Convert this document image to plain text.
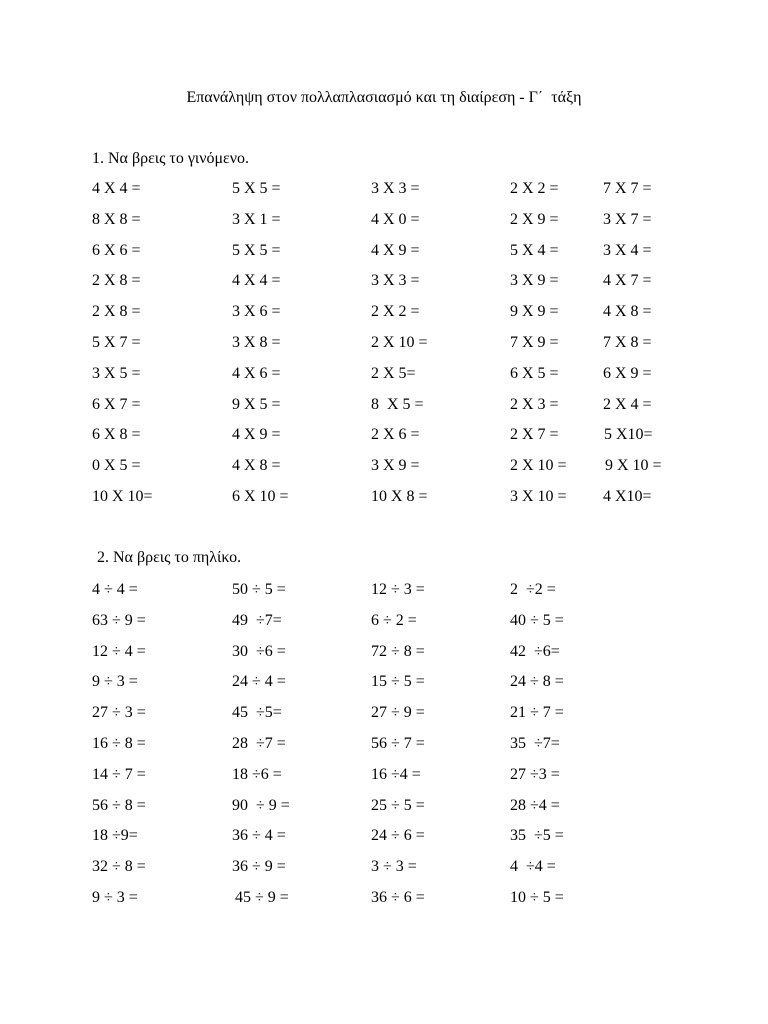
Επανάληψη στον πολλαπλασιασμό και τη διαίρεση - Γ΄  τάξη
1. Να βρεις το γινόμενο.
4 X 4 =	5 X 5 =	3 X 3 =	2 X 2 =	7 X 7 =
8 X 8 =	3 X 1 =	4 X 0 =	2 X 9 =	3 X 7 =
6 X 6 =	5 X 5 =	4 X 9 =	5 X 4 =	3 X 4 =
2 X 8 =	4 X 4 =	3 X 3 =	3 X 9 =	4 X 7 =
2 X 8 =	3 X 6 =	2 X 2 =	9 X 9 =	4 X 8 =
5 X 7 =	3 X 8 =	2 X 10 =	7 X 9 =	7 X 8 =
3 X 5 =	4 X 6 =	2 X 5=	6 X 5 =	6 X 9 =
6 X 7 =	9 X 5 =	8  X 5 =	2 X 3 =	2 X 4 =
6 X 8 =	4 X 9 =	2 X 6 =	2 X 7 =	5 X10=
0 X 5 =	4 X 8 =	3 X 9 =	2 X 10 = 9 X 10 =
10 X 10=	6 X 10 =	10 X 8 =	3 X 10 = 4 X10=
2. Να βρεις το πηλίκο.
4 ÷ 4 =	50 ÷ 5 =	12 ÷ 3 =	2  ÷2 =
63 ÷ 9 =	49  ÷7=	6 ÷ 2 =	40 ÷ 5 =
12 ÷ 4 =	30  ÷6 =	72 ÷ 8 =	42  ÷6=
9 ÷ 3 =	24 ÷ 4 =	15 ÷ 5 =	24 ÷ 8 =
27 ÷ 3 =	45  ÷5=	27 ÷ 9 =	21 ÷ 7 =
16 ÷ 8 =	28  ÷7 =	56 ÷ 7 =	35  ÷7=
14 ÷ 7 =	18 ÷6 =	16 ÷4 =	27 ÷3 =
56 ÷ 8 =	90  ÷ 9 =	25 ÷ 5 =	28 ÷4 =
18 ÷9=	36 ÷ 4 =	24 ÷ 6 =	35  ÷5 =
32 ÷ 8 =	36 ÷ 9 =	3 ÷ 3 =	4  ÷4 =
9 ÷ 3 =	45 ÷ 9 =	36 ÷ 6 =	10 ÷ 5 =
